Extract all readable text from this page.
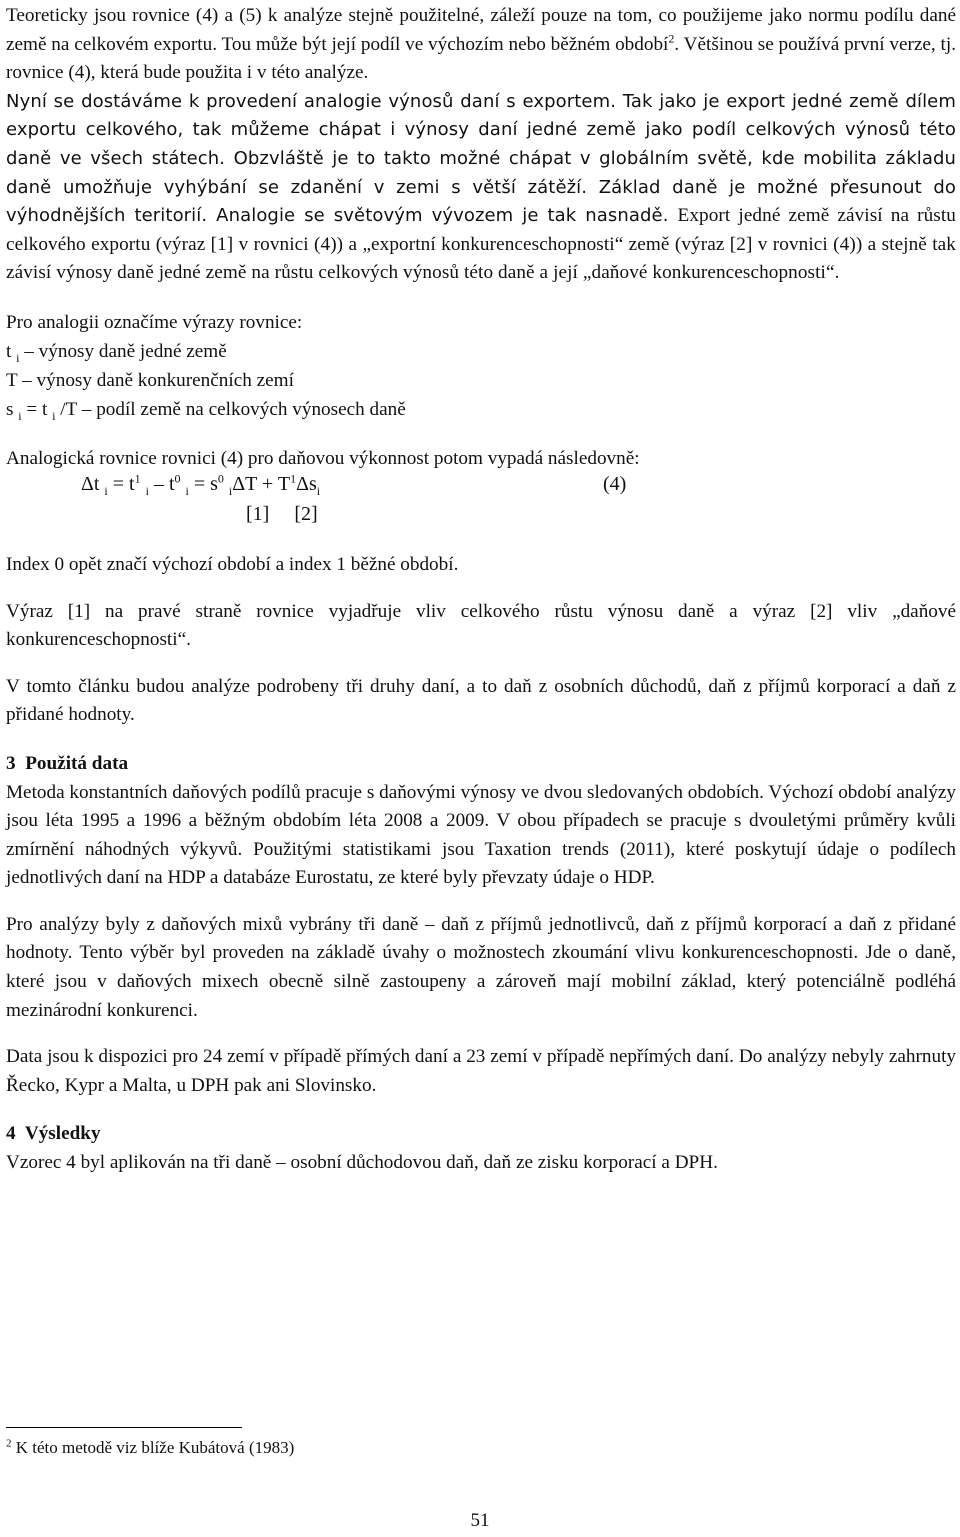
Teoreticky jsou rovnice (4) a (5) k analýze stejně použitelné, záleží pouze na tom, co použijeme jako normu podílu dané země na celkovém exportu. Tou může být její podíl ve výchozím nebo běžném období$^2$. Většinou se používá první verze, tj. rovnice (4), která bude použita i v této analýze.

Nyní se dostáváme k provedení analogie výnosů daní s exportem. Tak jako je export jedné země dílem exportu celkového, tak můžeme chápat i výnosy daní jedné země jako podíl celkových výnosů této daně ve všech státech. Obzvláště je to takto možné chápat v globálním světě, kde mobilita základu daně umožňuje vyhýbání se zdanění v zemi s větší zátěží. Základ daně je možné přesunout do výhodnějších teritorií. Analogie se světovým vývozem je tak nasnadě. Export jedné země závisí na růstu celkového exportu (výraz [1] v rovnici (4)) a „exportní konkurenceschopnosti“ země (výraz [2] v rovnici (4)) a stejně tak závisí výnosy daně jedné země na růstu celkových výnosů této daně a její „daňové konkurenceschopnosti“.

Pro analogii označíme výrazy rovnice:

t $_i$ – výnosy daně jedné země

T – výnosy daně konkurenčních zemí

s $_i$ = t $_i$ /T – podíl země na celkových výnosech daně

Analogická rovnice rovnici (4) pro daňovou výkonnost potom vypadá následovně:

Δt $_i = t^1$ $_i - t^0$ $_i = s^0$ $_i\Delta T + T^1\Delta s_i$	(4)
[1]     [2]

Index 0 opět značí výchozí období a index 1 běžné období.

Výraz [1] na pravé straně rovnice vyjadřuje vliv celkového růstu výnosu daně a výraz [2] vliv „daňové konkurenceschopnosti“.

V tomto článku budou analýze podrobeny tři druhy daní, a to daň z osobních důchodů, daň z příjmů korporací a daň z přidané hodnoty.

3  Použitá data

Metoda konstantních daňových podílů pracuje s daňovými výnosy ve dvou sledovaných obdobích. Výchozí období analýzy jsou léta 1995 a 1996 a běžným obdobím léta 2008 a 2009. V obou případech se pracuje s dvouletými průměry kvůli zmírnění náhodných výkyvů. Použitými statistikami jsou Taxation trends (2011), které poskytují údaje o podílech jednotlivých daní na HDP a databáze Eurostatu, ze které byly převzaty údaje o HDP.

Pro analýzy byly z daňových mixů vybrány tři daně – daň z příjmů jednotlivců, daň z příjmů korporací a daň z přidané hodnoty. Tento výběr byl proveden na základě úvahy o možnostech zkoumání vlivu konkurenceschopnosti. Jde o daně, které jsou v daňových mixech obecně silně zastoupeny a zároveň mají mobilní základ, který potenciálně podléhá mezinárodní konkurenci.

Data jsou k dispozici pro 24 zemí v případě přímých daní a 23 zemí v případě nepřímých daní. Do analýzy nebyly zahrnuty Řecko, Kypr a Malta, u DPH pak ani Slovinsko.

4  Výsledky

Vzorec 4 byl aplikován na tři daně – osobní důchodovou daň, daň ze zisku korporací a DPH.

$^2$ K této metodě viz blíže Kubátová (1983)
51
